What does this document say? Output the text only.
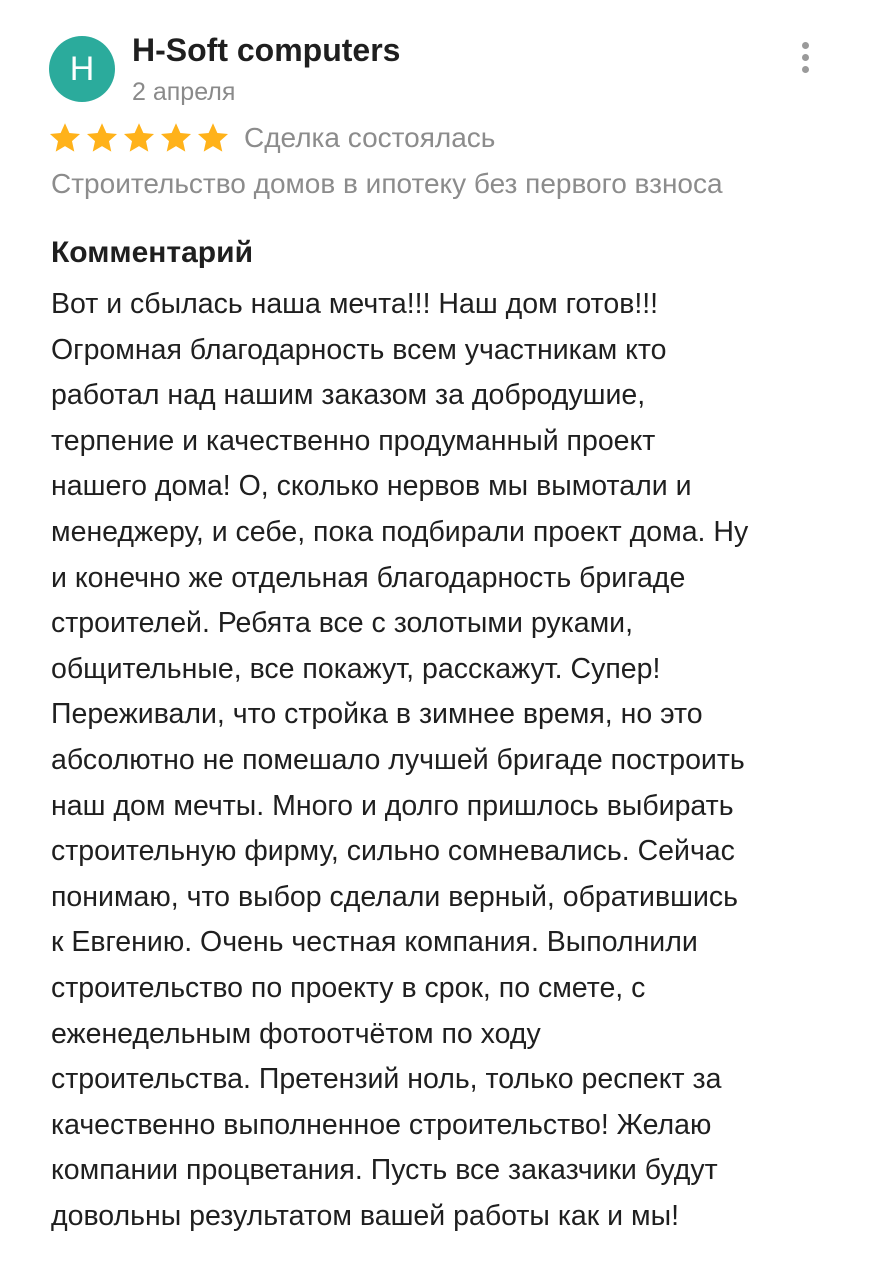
H	H-Soft computers
2 апреля
Сделка состоялась
Строительство домов в ипотеку без первого взноса
Комментарий
Вот и сбылась наша мечта!!! Наш дом готов!!!
Огромная благодарность всем участникам кто
работал над нашим заказом за добродушие,
терпение и качественно продуманный проект
нашего дома! О, сколько нервов мы вымотали и
менеджеру, и себе, пока подбирали проект дома. Ну
и конечно же отдельная благодарность бригаде
строителей. Ребята все с золотыми руками,
общительные, все покажут, расскажут. Супер!
Переживали, что стройка в зимнее время, но это
абсолютно не помешало лучшей бригаде построить
наш дом мечты. Много и долго пришлось выбирать
строительную фирму, сильно сомневались. Сейчас
понимаю, что выбор сделали верный, обратившись
к Евгению. Очень честная компания. Выполнили
строительство по проекту в срок, по смете, с
еженедельным фотоотчётом по ходу
строительства. Претензий ноль, только респект за
качественно выполненное строительство! Желаю
компании процветания. Пусть все заказчики будут
довольны результатом вашей работы как и мы!
